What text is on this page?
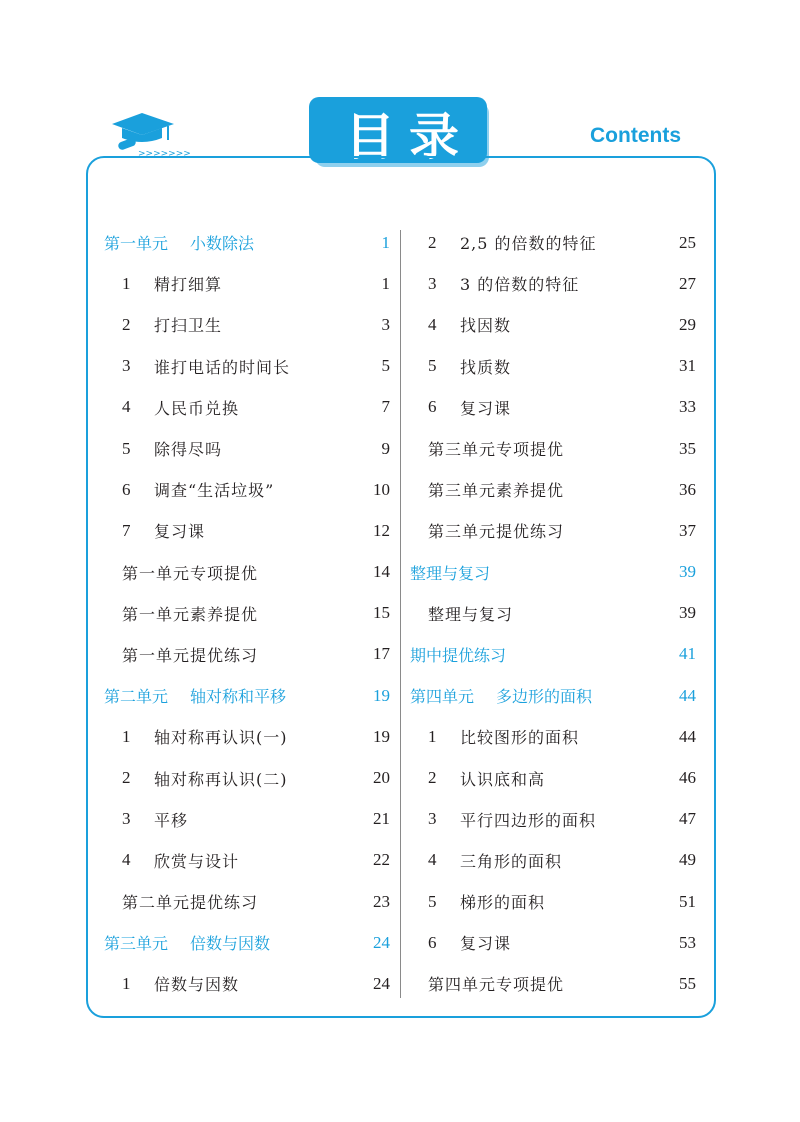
>>>>>>>	目录	Contents
第一单元 小数除法	1
1	精打细算	1
2	打扫卫生	3
3	谁打电话的时间长	5
4	人民币兑换	7
5	除得尽吗	9
6	调查“生活垃圾”	10
7	复习课	12
第一单元专项提优	14
第一单元素养提优	15
第一单元提优练习	17
第二单元 轴对称和平移	19
1	轴对称再认识(一)	19
2	轴对称再认识(二)	20
3	平移	21
4	欣赏与设计	22
第二单元提优练习	23
第三单元 倍数与因数	24
1	倍数与因数	24
2	2,5 的倍数的特征	25
3	3 的倍数的特征	27
4	找因数	29
5	找质数	31
6	复习课	33
第三单元专项提优	35
第三单元素养提优	36
第三单元提优练习	37
整理与复习	39
整理与复习	39
期中提优练习	41
第四单元 多边形的面积	44
1	比较图形的面积	44
2	认识底和高	46
3	平行四边形的面积	47
4	三角形的面积	49
5	梯形的面积	51
6	复习课	53
第四单元专项提优	55
